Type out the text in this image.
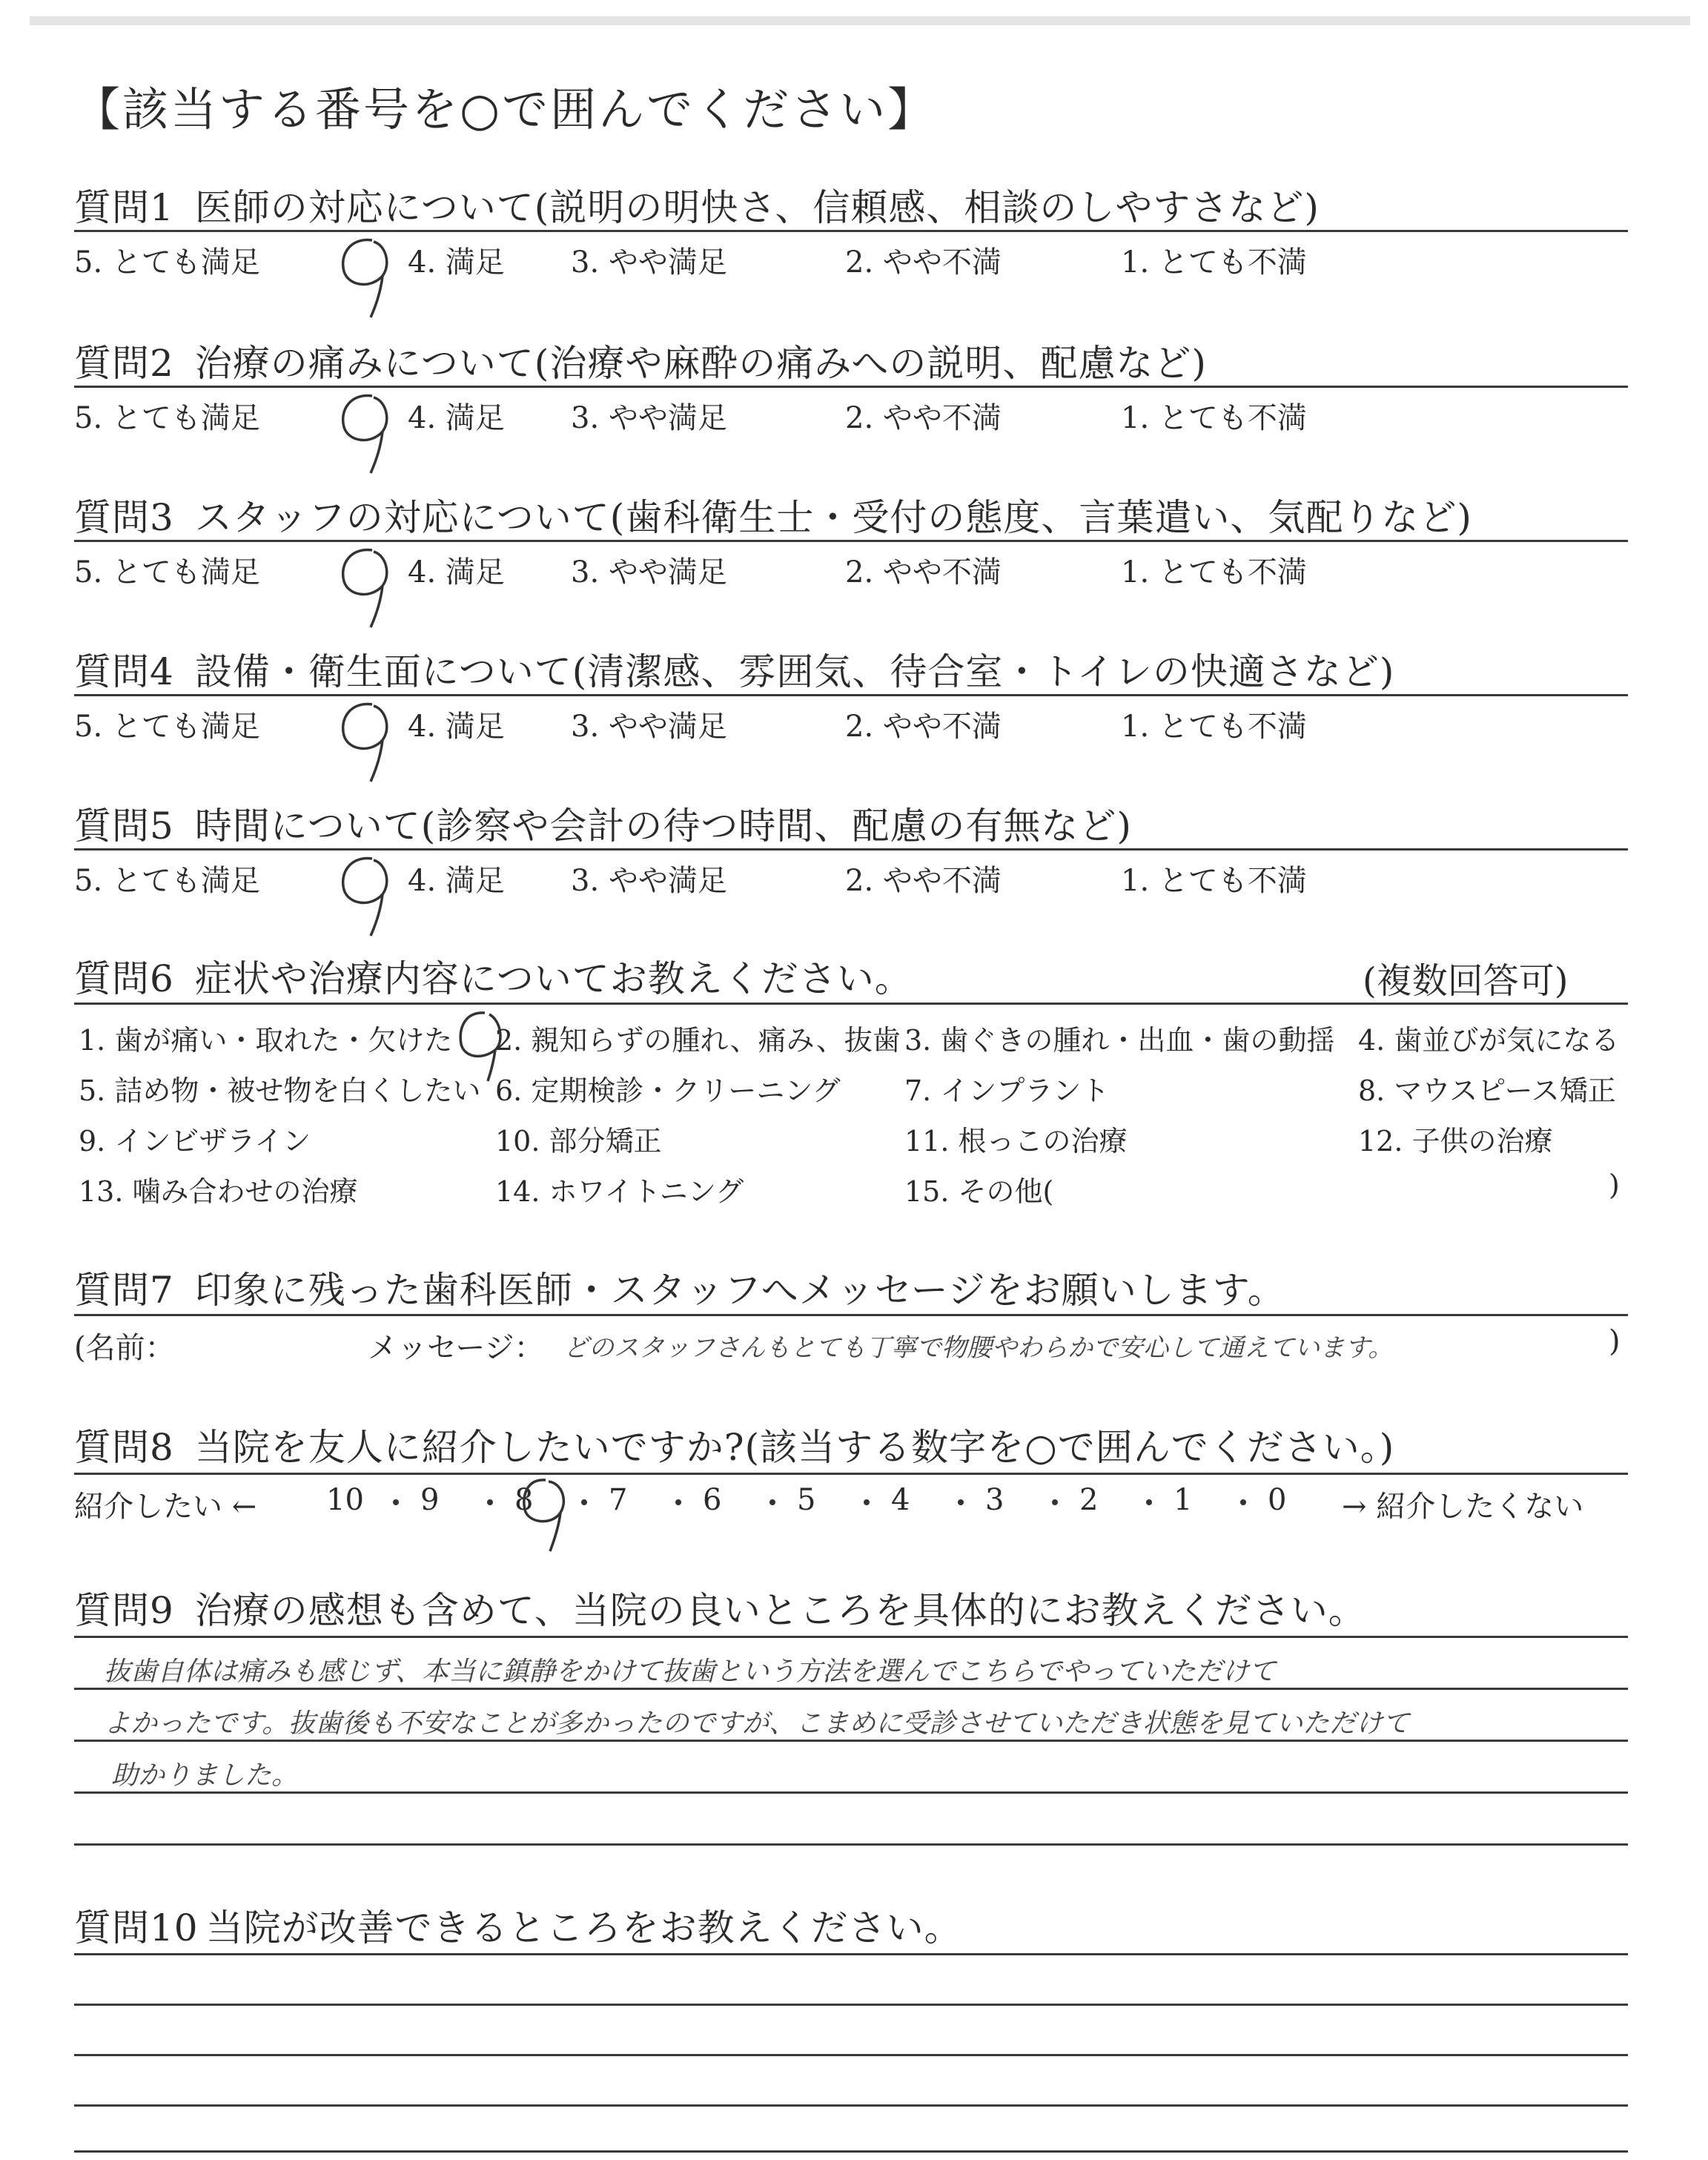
【該当する番号を○で囲んでください】
質問1 医師の対応について(説明の明快さ、信頼感、相談のしやすさなど)
5. とても満足	4. 満足 3. やや満足	2. やや不満	1. とても不満
質問2 治療の痛みについて(治療や麻酔の痛みへの説明、配慮など)
5. とても満足	4. 満足 3. やや満足	2. やや不満	1. とても不満
質問3 スタッフの対応について(歯科衛生士・受付の態度、言葉遣い、気配りなど)
5. とても満足	4. 満足 3. やや満足	2. やや不満	1. とても不満
質問4 設備・衛生面について(清潔感、雰囲気、待合室・トイレの快適さなど)
5. とても満足	4. 満足 3. やや満足	2. やや不満	1. とても不満
質問5 時間について(診察や会計の待つ時間、配慮の有無など)
5. とても満足	4. 満足 3. やや満足	2. やや不満	1. とても不満
質問6 症状や治療内容についてお教えください。	(複数回答可)
1. 歯が痛い・取れた・欠けた 2. 親知らずの腫れ、痛み、抜歯 3. 歯ぐきの腫れ・出血・歯の動揺 4. 歯並びが気になる
5. 詰め物・被せ物を白くしたい 6. 定期検診・クリーニング 7. インプラント	8. マウスピース矯正
9. インビザライン	10. 部分矯正	11. 根っこの治療	12. 子供の治療
13. 噛み合わせの治療	14. ホワイトニング	15. その他(	)
質問7 印象に残った歯科医師・スタッフへメッセージをお願いします。
(名前：	メッセージ： どのスタッフさんもとても丁寧で物腰やわらかで安心して通えています。	)
質問8 当院を友人に紹介したいですか?(該当する数字を○で囲んでください。)
紹介したい ←	→ 紹介したくない
10 9	8	7	6	5	4	3	2	1	0
質問9 治療の感想も含めて、当院の良いところを具体的にお教えください。
抜歯自体は痛みも感じず、本当に鎮静をかけて抜歯という方法を選んでこちらでやっていただけて
よかったです。抜歯後も不安なことが多かったのですが、こまめに受診させていただき状態を見ていただけて
助かりました。
質問10 当院が改善できるところをお教えください。
